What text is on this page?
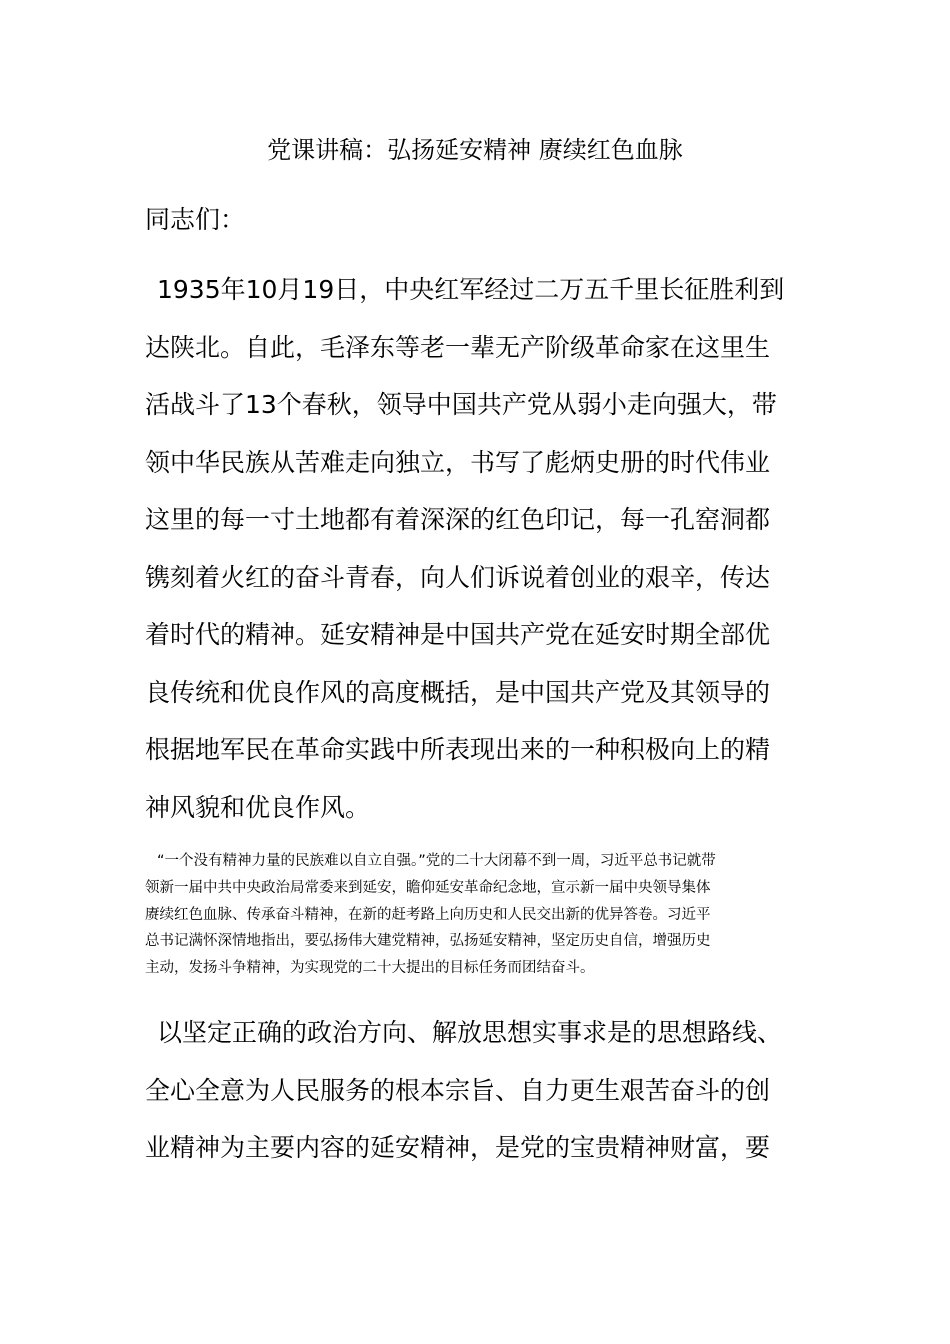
党课讲稿：弘扬延安精神 赓续红色血脉
同志们：
1935年10月19日，中央红军经过二万五千里长征胜利到
达陕北。自此，毛泽东等老一辈无产阶级革命家在这里生
活战斗了13个春秋，领导中国共产党从弱小走向强大，带
领中华民族从苦难走向独立，书写了彪炳史册的时代伟业
这里的每一寸土地都有着深深的红色印记，每一孔窑洞都
镌刻着火红的奋斗青春，向人们诉说着创业的艰辛，传达
着时代的精神。延安精神是中国共产党在延安时期全部优
良传统和优良作风的高度概括，是中国共产党及其领导的
根据地军民在革命实践中所表现出来的一种积极向上的精
神风貌和优良作风。
“一个没有精神力量的民族难以自立自强。”党的二十大闭幕不到一周，习近平总书记就带
领新一届中共中央政治局常委来到延安，瞻仰延安革命纪念地，宣示新一届中央领导集体
赓续红色血脉、传承奋斗精神，在新的赶考路上向历史和人民交出新的优异答卷。习近平
总书记满怀深情地指出，要弘扬伟大建党精神，弘扬延安精神，坚定历史自信，增强历史
主动，发扬斗争精神，为实现党的二十大提出的目标任务而团结奋斗。
以坚定正确的政治方向、解放思想实事求是的思想路线、
全心全意为人民服务的根本宗旨、自力更生艰苦奋斗的创
业精神为主要内容的延安精神，是党的宝贵精神财富，要
